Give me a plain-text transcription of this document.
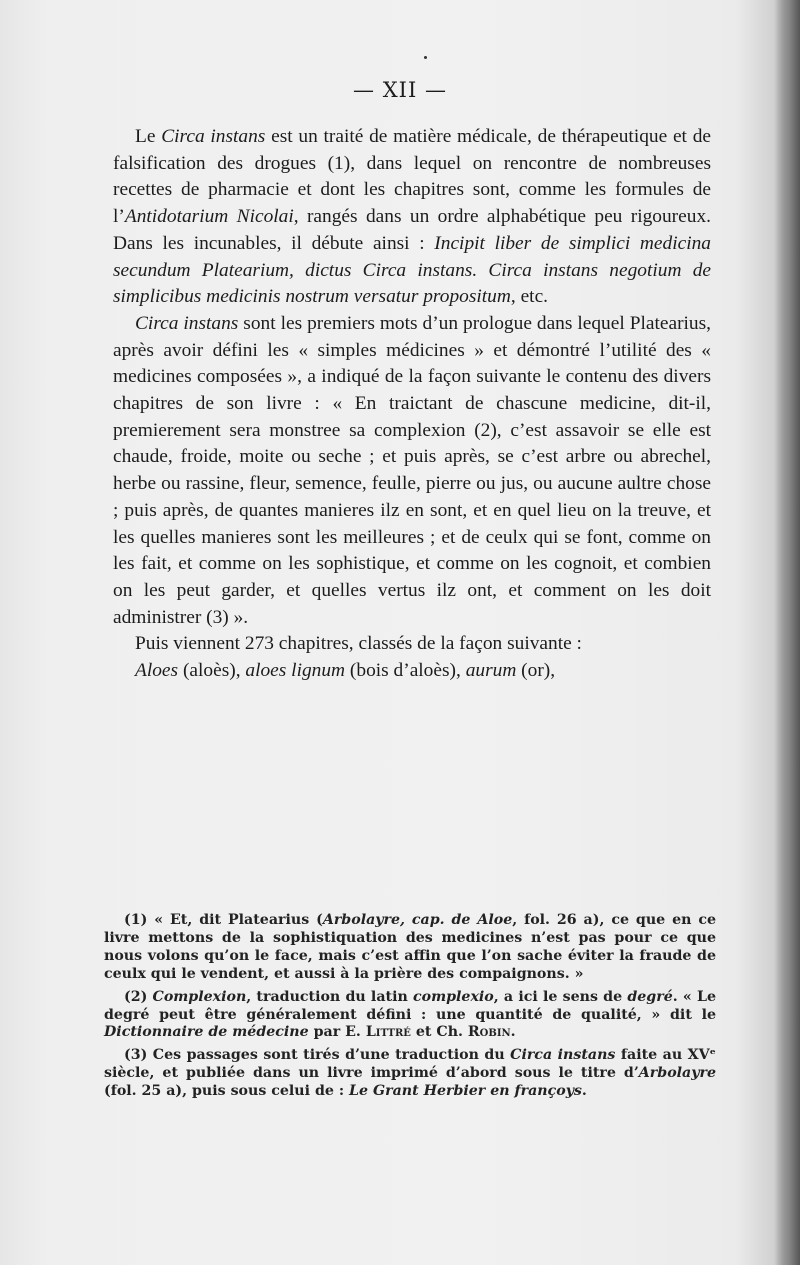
— XII —

Le Circa instans est un traité de matière médicale, de thérapeutique et de falsification des drogues (1), dans lequel on rencontre de nombreuses recettes de pharmacie et dont les chapitres sont, comme les formules de l’Antidotarium Nicolai, rangés dans un ordre alphabétique peu rigoureux. Dans les incunables, il débute ainsi : Incipit liber de simplici medicina secundum Platearium, dictus Circa instans. Circa instans negotium de simplicibus medicinis nostrum versatur propositum, etc.

Circa instans sont les premiers mots d’un prologue dans lequel Platearius, après avoir défini les « simples médicines » et démontré l’utilité des « medicines composées », a indiqué de la façon suivante le contenu des divers chapitres de son livre : « En traictant de chascune medicine, dit-il, premierement sera monstree sa complexion (2), c’est assavoir se elle est chaude, froide, moite ou seche ; et puis après, se c’est arbre ou abrechel, herbe ou rassine, fleur, semence, feulle, pierre ou jus, ou aucune aultre chose ; puis après, de quantes manieres ilz en sont, et en quel lieu on la treuve, et les quelles manieres sont les meilleures ; et de ceulx qui se font, comme on les fait, et comme on les sophistique, et comme on les cognoit, et combien on les peut garder, et quelles vertus ilz ont, et comment on les doit administrer (3) ».

Puis viennent 273 chapitres, classés de la façon suivante :

Aloes (aloès), aloes lignum (bois d’aloès), aurum (or),

(1) « Et, dit Platearius (Arbolayre, cap. de Aloe, fol. 26 a), ce que en ce livre mettons de la sophistiquation des medicines n’est pas pour ce que nous volons qu’on le face, mais c’est affin que l’on sache éviter la fraude de ceulx qui le vendent, et aussi à la prière des compaignons. »

(2) Complexion, traduction du latin complexio, a ici le sens de degré. « Le degré peut être généralement défini : une quantité de qualité, » dit le Dictionnaire de médecine par E. Littré et Ch. Robin.

(3) Ces passages sont tirés d’une traduction du Circa instans faite au XVᵉ siècle, et publiée dans un livre imprimé d’abord sous le titre d’Arbolayre (fol. 25 a), puis sous celui de : Le Grant Herbier en françoys.
